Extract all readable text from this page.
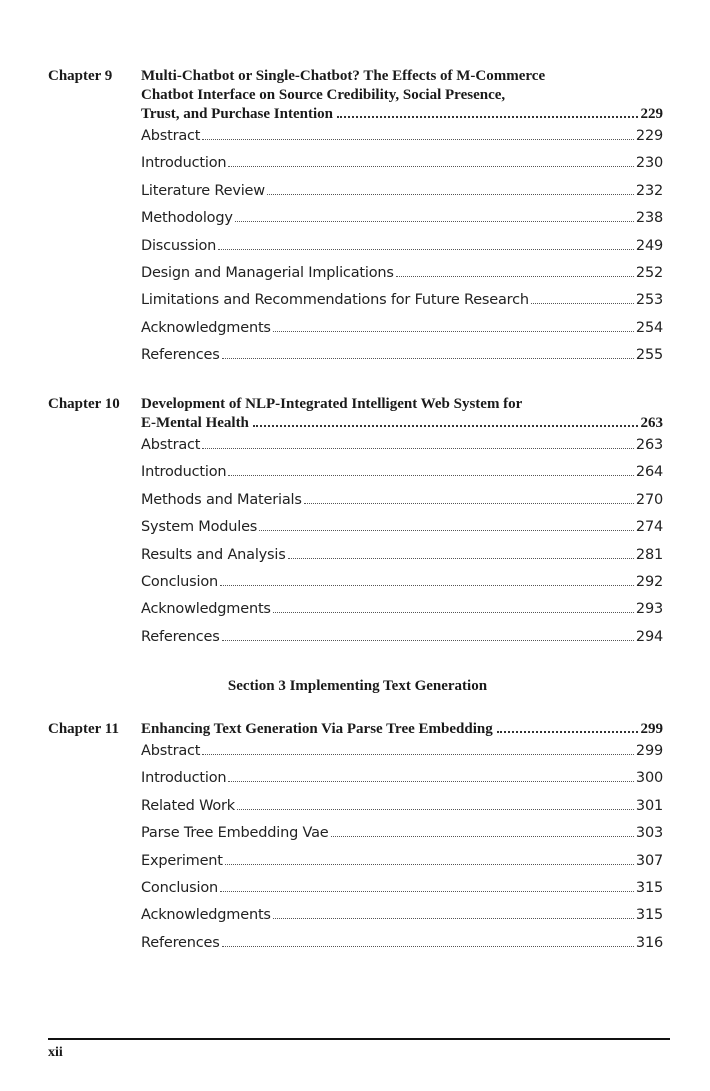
Chapter 9 Multi-Chatbot or Single-Chatbot? The Effects of M-Commerce
Chatbot Interface on Source Credibility, Social Presence,
Trust, and Purchase Intention	229
Abstract	229
Introduction	230
Literature Review	232
Methodology	238
Discussion	249
Design and Managerial Implications	252
Limitations and Recommendations for Future Research	253
Acknowledgments	254
References	255
Chapter 10 Development of NLP-Integrated Intelligent Web System for
E-Mental Health	263
Abstract	263
Introduction	264
Methods and Materials	270
System Modules	274
Results and Analysis	281
Conclusion	292
Acknowledgments	293
References	294
Section 3 Implementing Text Generation
Chapter 11 Enhancing Text Generation Via Parse Tree Embedding	299
Abstract	299
Introduction	300
Related Work	301
Parse Tree Embedding Vae	303
Experiment	307
Conclusion	315
Acknowledgments	315
References	316
xii
